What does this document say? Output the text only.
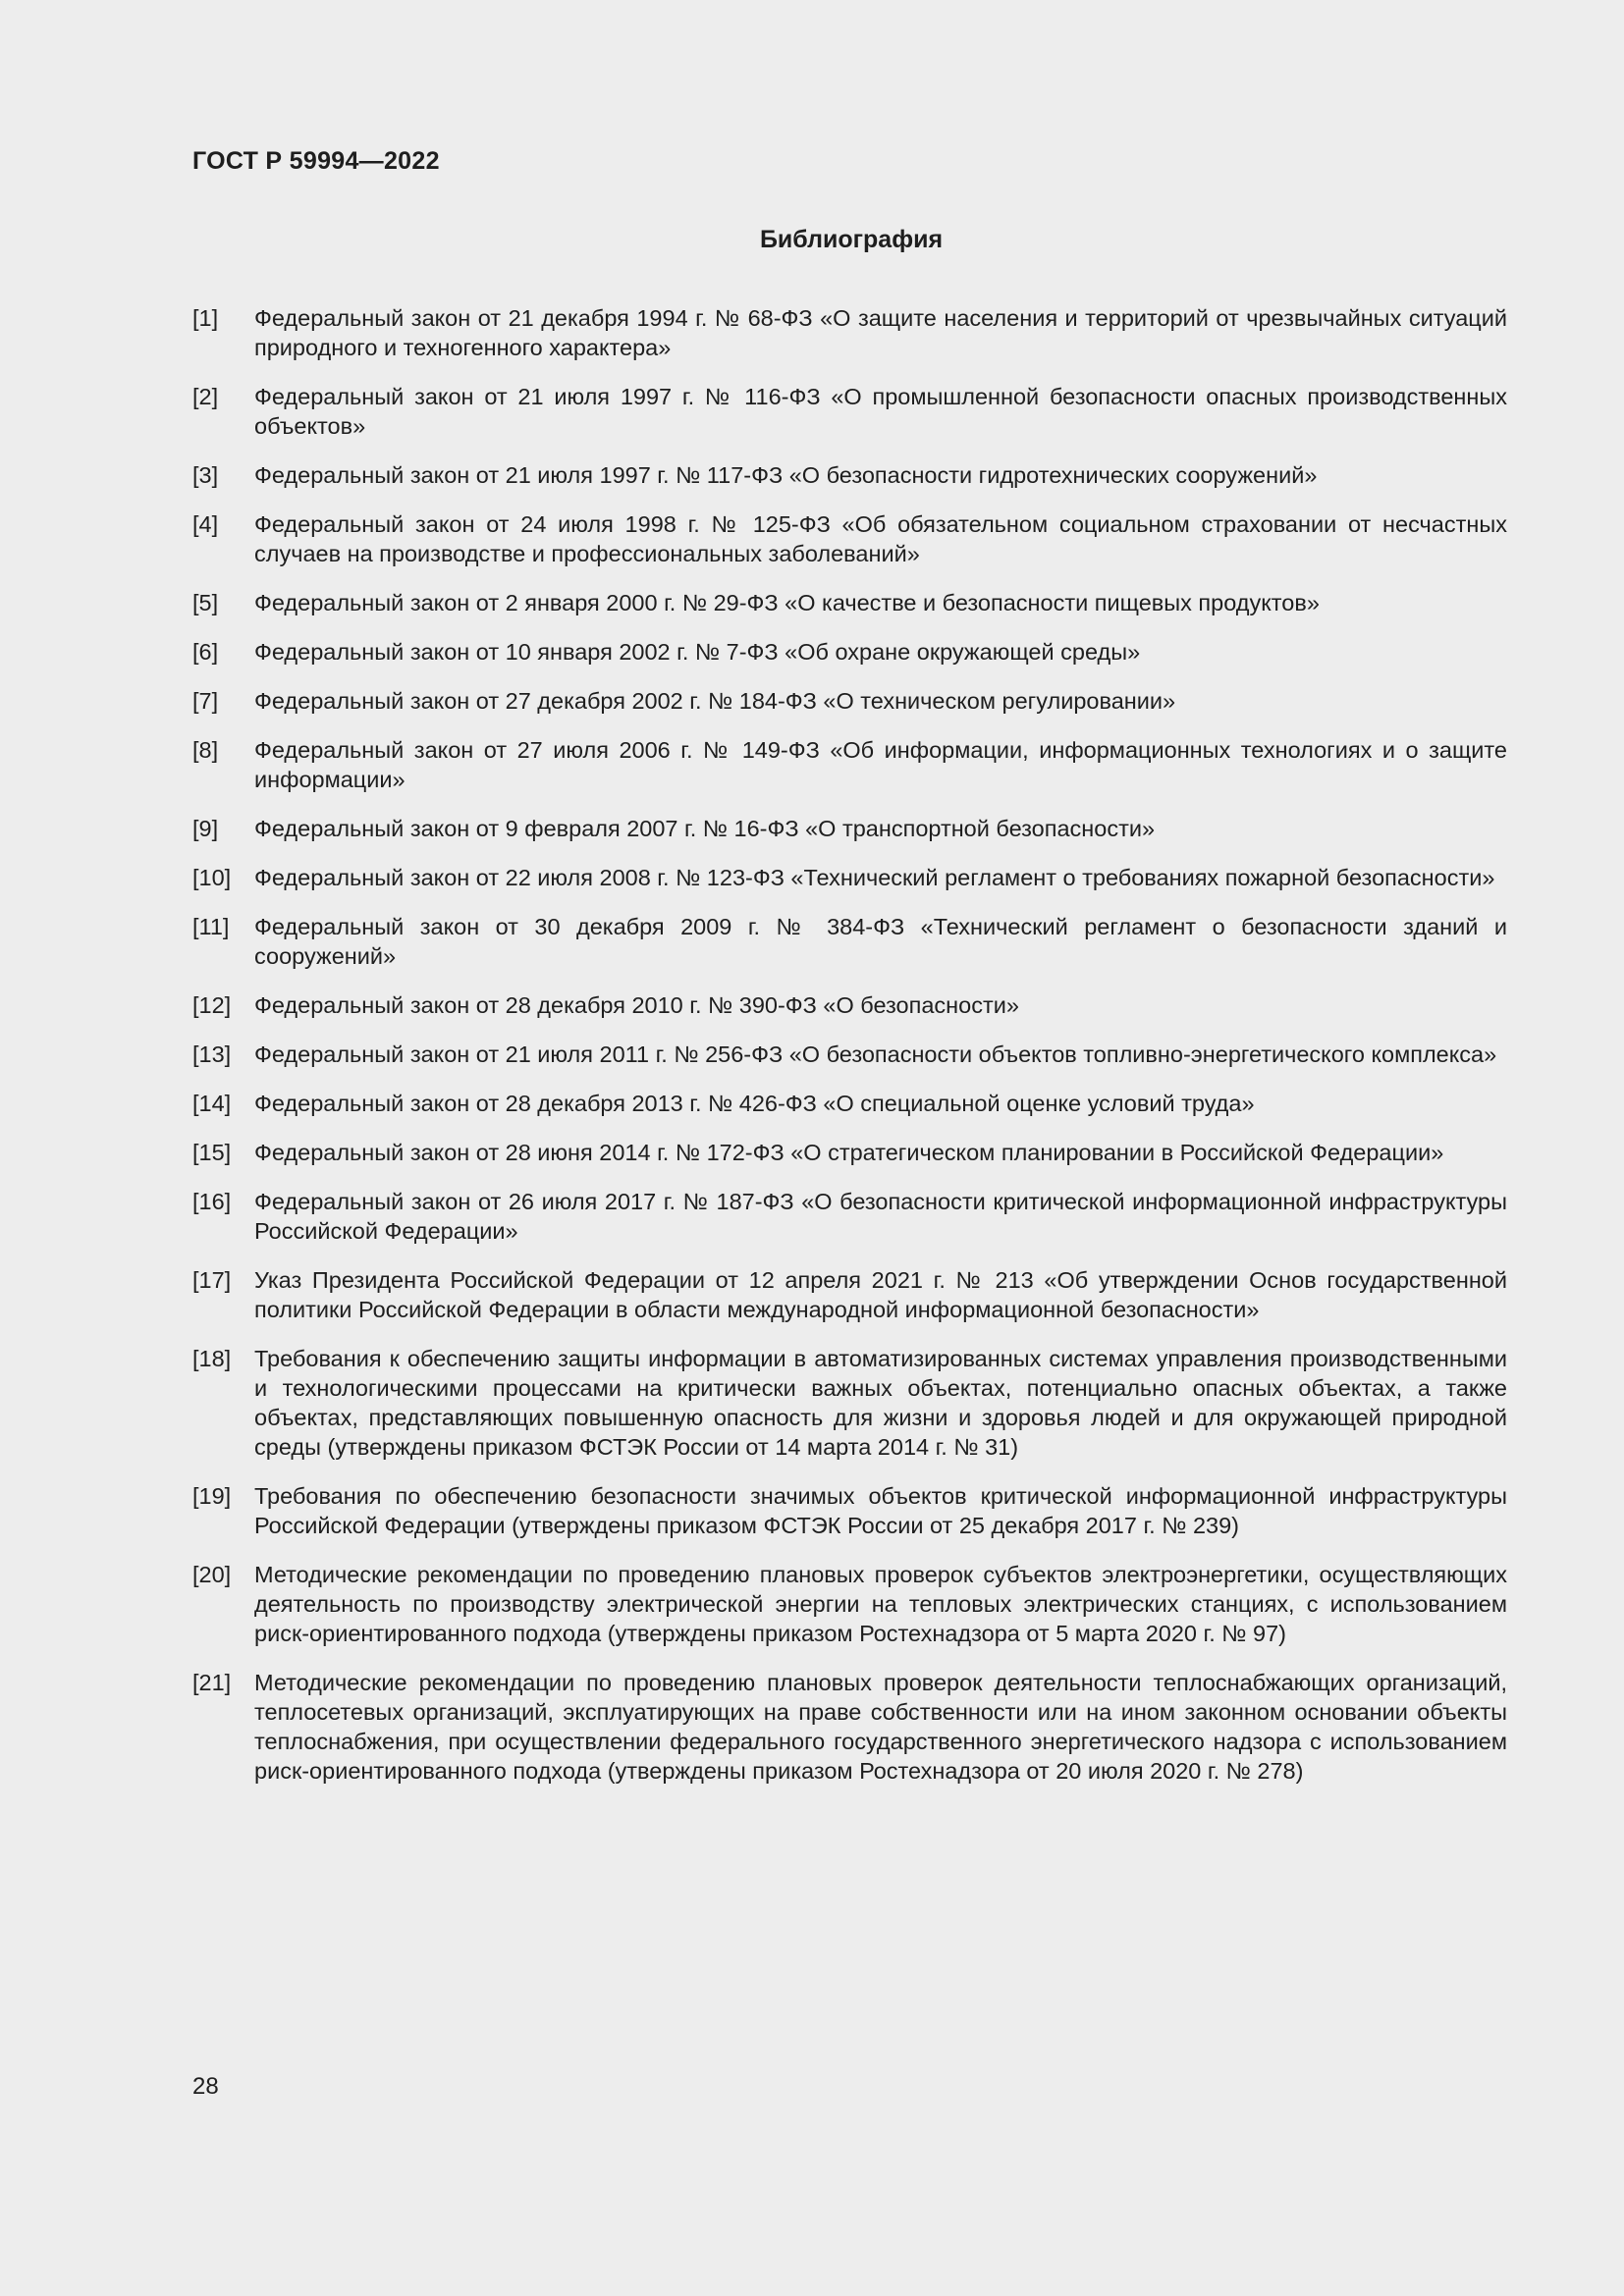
ГОСТ Р 59994—2022
Библиография
[1]	Федеральный закон от 21 декабря 1994 г. № 68-ФЗ «О защите населения и территорий от чрезвычайных ситуаций природного и техногенного характера»
[2]	Федеральный закон от 21 июля 1997 г. № 116-ФЗ «О промышленной безопасности опасных производственных объектов»
[3]	Федеральный закон от 21 июля 1997 г. № 117-ФЗ «О безопасности гидротехнических сооружений»
[4]	Федеральный закон от 24 июля 1998 г. № 125-ФЗ «Об обязательном социальном страховании от несчастных случаев на производстве и профессиональных заболеваний»
[5]	Федеральный закон от 2 января 2000 г. № 29-ФЗ «О качестве и безопасности пищевых продуктов»
[6]	Федеральный закон от 10 января 2002 г. № 7-ФЗ «Об охране окружающей среды»
[7]	Федеральный закон от 27 декабря 2002 г. № 184-ФЗ «О техническом регулировании»
[8]	Федеральный закон от 27 июля 2006 г. № 149-ФЗ «Об информации, информационных технологиях и о защите информации»
[9]	Федеральный закон от 9 февраля 2007 г. № 16-ФЗ «О транспортной безопасности»
[10]	Федеральный закон от 22 июля 2008 г. № 123-ФЗ «Технический регламент о требованиях пожарной безопасности»
[11]	Федеральный закон от 30 декабря 2009 г. № 384-ФЗ «Технический регламент о безопасности зданий и сооружений»
[12]	Федеральный закон от 28 декабря 2010 г. № 390-ФЗ «О безопасности»
[13]	Федеральный закон от 21 июля 2011 г. № 256-ФЗ «О безопасности объектов топливно-энергетического комплекса»
[14]	Федеральный закон от 28 декабря 2013 г. № 426-ФЗ «О специальной оценке условий труда»
[15]	Федеральный закон от 28 июня 2014 г. № 172-ФЗ «О стратегическом планировании в Российской Федерации»
[16]	Федеральный закон от 26 июля 2017 г. № 187-ФЗ «О безопасности критической информационной инфраструктуры Российской Федерации»
[17]	Указ Президента Российской Федерации от 12 апреля 2021 г. № 213 «Об утверждении Основ государственной политики Российской Федерации в области международной информационной безопасности»
[18]	Требования к обеспечению защиты информации в автоматизированных системах управления производственными и технологическими процессами на критически важных объектах, потенциально опасных объектах, а также объектах, представляющих повышенную опасность для жизни и здоровья людей и для окружающей природной среды (утверждены приказом ФСТЭК России от 14 марта 2014 г. № 31)
[19]	Требования по обеспечению безопасности значимых объектов критической информационной инфраструктуры Российской Федерации (утверждены приказом ФСТЭК России от 25 декабря 2017 г. № 239)
[20]	Методические рекомендации по проведению плановых проверок субъектов электроэнергетики, осуществляющих деятельность по производству электрической энергии на тепловых электрических станциях, с использованием риск-ориентированного подхода (утверждены приказом Ростехнадзора от 5 марта 2020 г. № 97)
[21]	Методические рекомендации по проведению плановых проверок деятельности теплоснабжающих организаций, теплосетевых организаций, эксплуатирующих на праве собственности или на ином законном основании объекты теплоснабжения, при осуществлении федерального государственного энергетического надзора с использованием риск-ориентированного подхода (утверждены приказом Ростехнадзора от 20 июля 2020 г. № 278)
28
